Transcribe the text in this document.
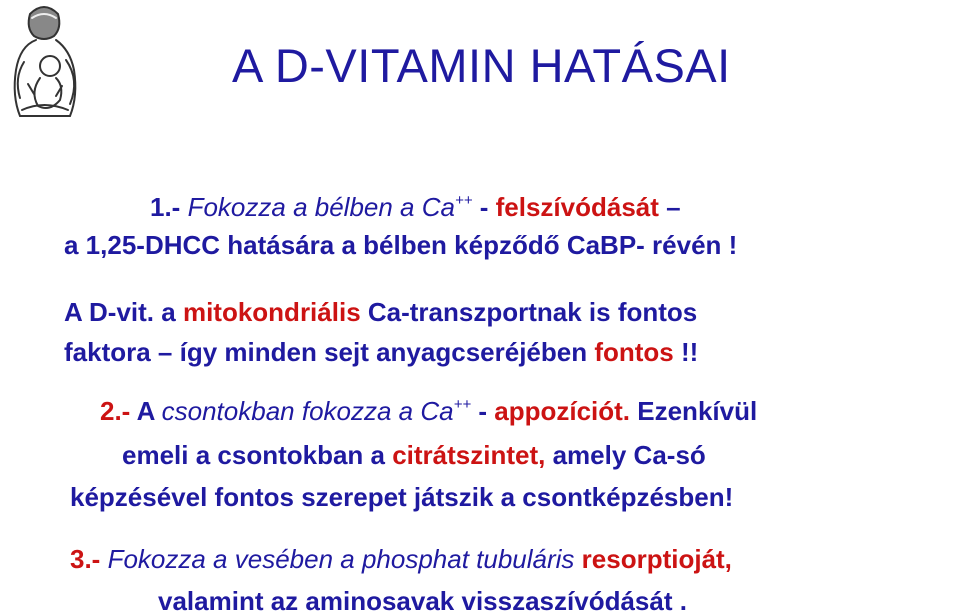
A D-VITAMIN HATÁSAI
1.- Fokozza a bélben a Ca++ - felszívódását –
a 1,25-DHCC hatására a bélben képződő CaBP- révén !
A D-vit. a mitokondriális Ca-transzportnak is fontos
faktora – így minden sejt anyagcseréjében fontos !!
2.- A csontokban fokozza a Ca++ - appozíciót. Ezenkívül
emeli a csontokban a citrátszintet, amely Ca-só
képzésével fontos szerepet játszik a csontképzésben!
3.- Fokozza a vesében a phosphat tubuláris resorptioját,
valamint az aminosavak visszaszívódását .
